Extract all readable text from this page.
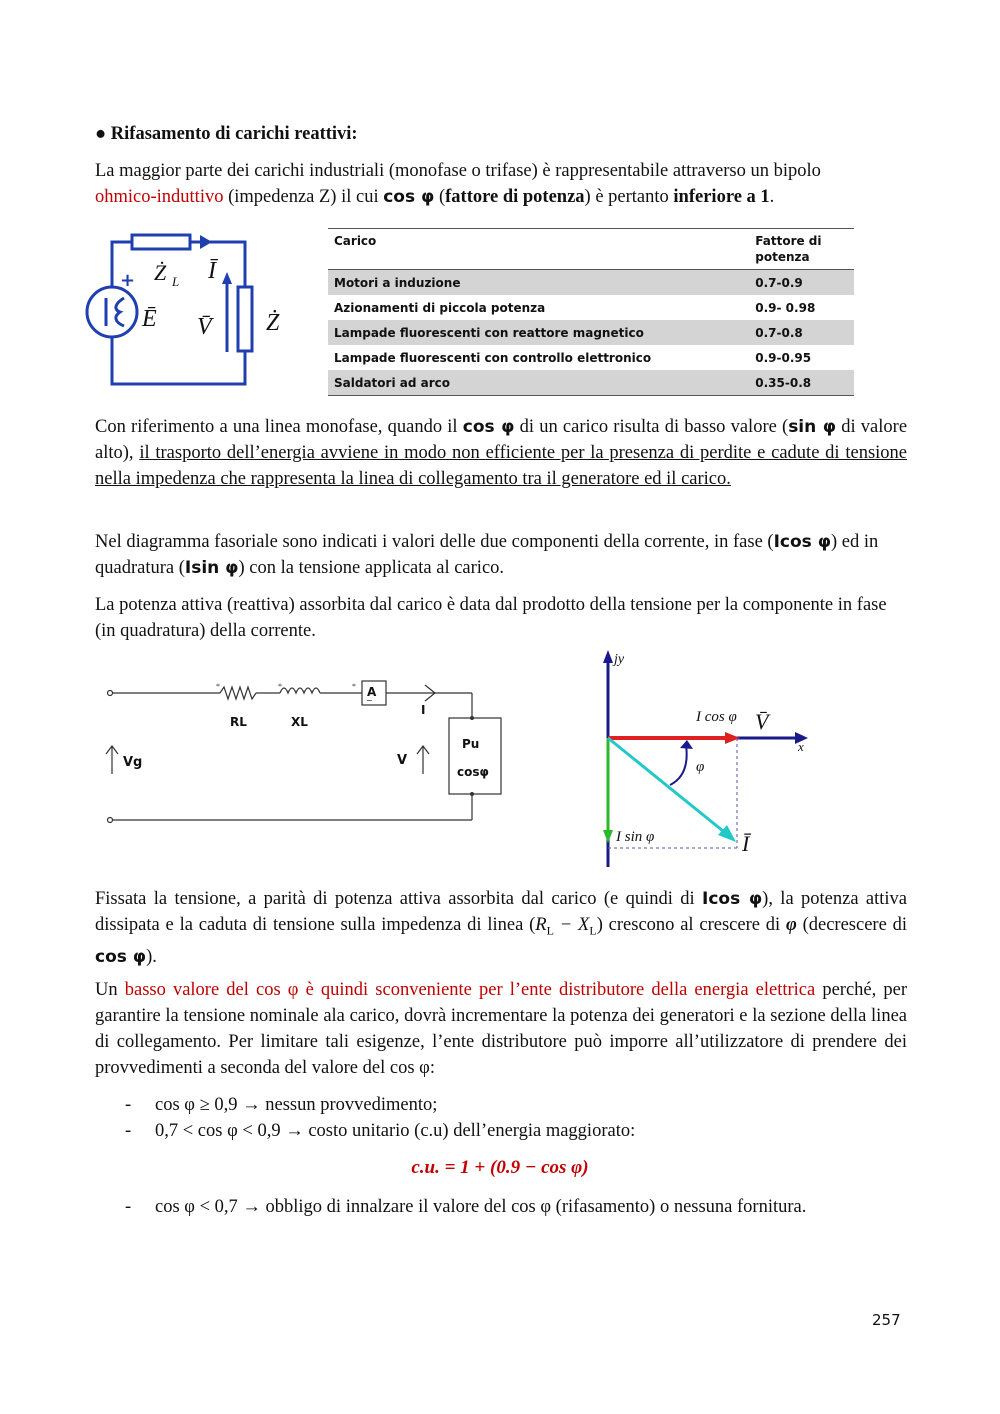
● Rifasamento di carichi reattivi:
La maggior parte dei carichi industriali (monofase o trifase) è rappresentabile attraverso un bipolo
ohmico-induttivo (impedenza Z) il cui cos φ (fattore di potenza) è pertanto inferiore a 1.
+ Ż L Ī
Ē V̄ Ż
Carico	Fattore di potenza
Motori a induzione	0.7-0.9
Azionamenti di piccola potenza	0.9- 0.98
Lampade fluorescenti con reattore magnetico	0.7-0.8
Lampade fluorescenti con controllo elettronico	0.9-0.95
Saldatori ad arco	0.35-0.8
Con riferimento a una linea monofase, quando il cos φ di un carico risulta di basso valore (sin φ di valore alto), il trasporto dell’energia avviene in modo non efficiente per la presenza di perdite e cadute di tensione nella impedenza che rappresenta la linea di collegamento tra il generatore ed il carico.
Nel diagramma fasoriale sono indicati i valori delle due componenti della corrente, in fase (Icos φ) ed in quadratura (Isin φ) con la tensione applicata al carico.
La potenza attiva (reattiva) assorbita dal carico è data dal prodotto della tensione per la componente in fase (in quadratura) della corrente.
*	*	* A
~
RL	XL
I
Vg	V
Pu
cosφ
jy
x
I cos φ V̄
φ
I sin φ	Ī
Fissata la tensione, a parità di potenza attiva assorbita dal carico (e quindi di Icos φ), la potenza attiva dissipata e la caduta di tensione sulla impedenza di linea $(R_L - X_L)$ crescono al crescere di φ (decrescere di cos φ).
Un basso valore del cos φ è quindi sconveniente per l’ente distributore della energia elettrica perché, per garantire la tensione nominale ala carico, dovrà incrementare la potenza dei generatori e la sezione della linea di collegamento. Per limitare tali esigenze, l’ente distributore può imporre all’utilizzatore di prendere dei provvedimenti a seconda del valore del cos φ:
- cos φ ≥ 0,9 → nessun provvedimento;
- 0,7 < cos φ < 0,9 → costo unitario (c.u) dell’energia maggiorato:
c.u. = 1 + (0.9 − cos φ)
- cos φ < 0,7 → obbligo di innalzare il valore del cos φ (rifasamento) o nessuna fornitura.
257
